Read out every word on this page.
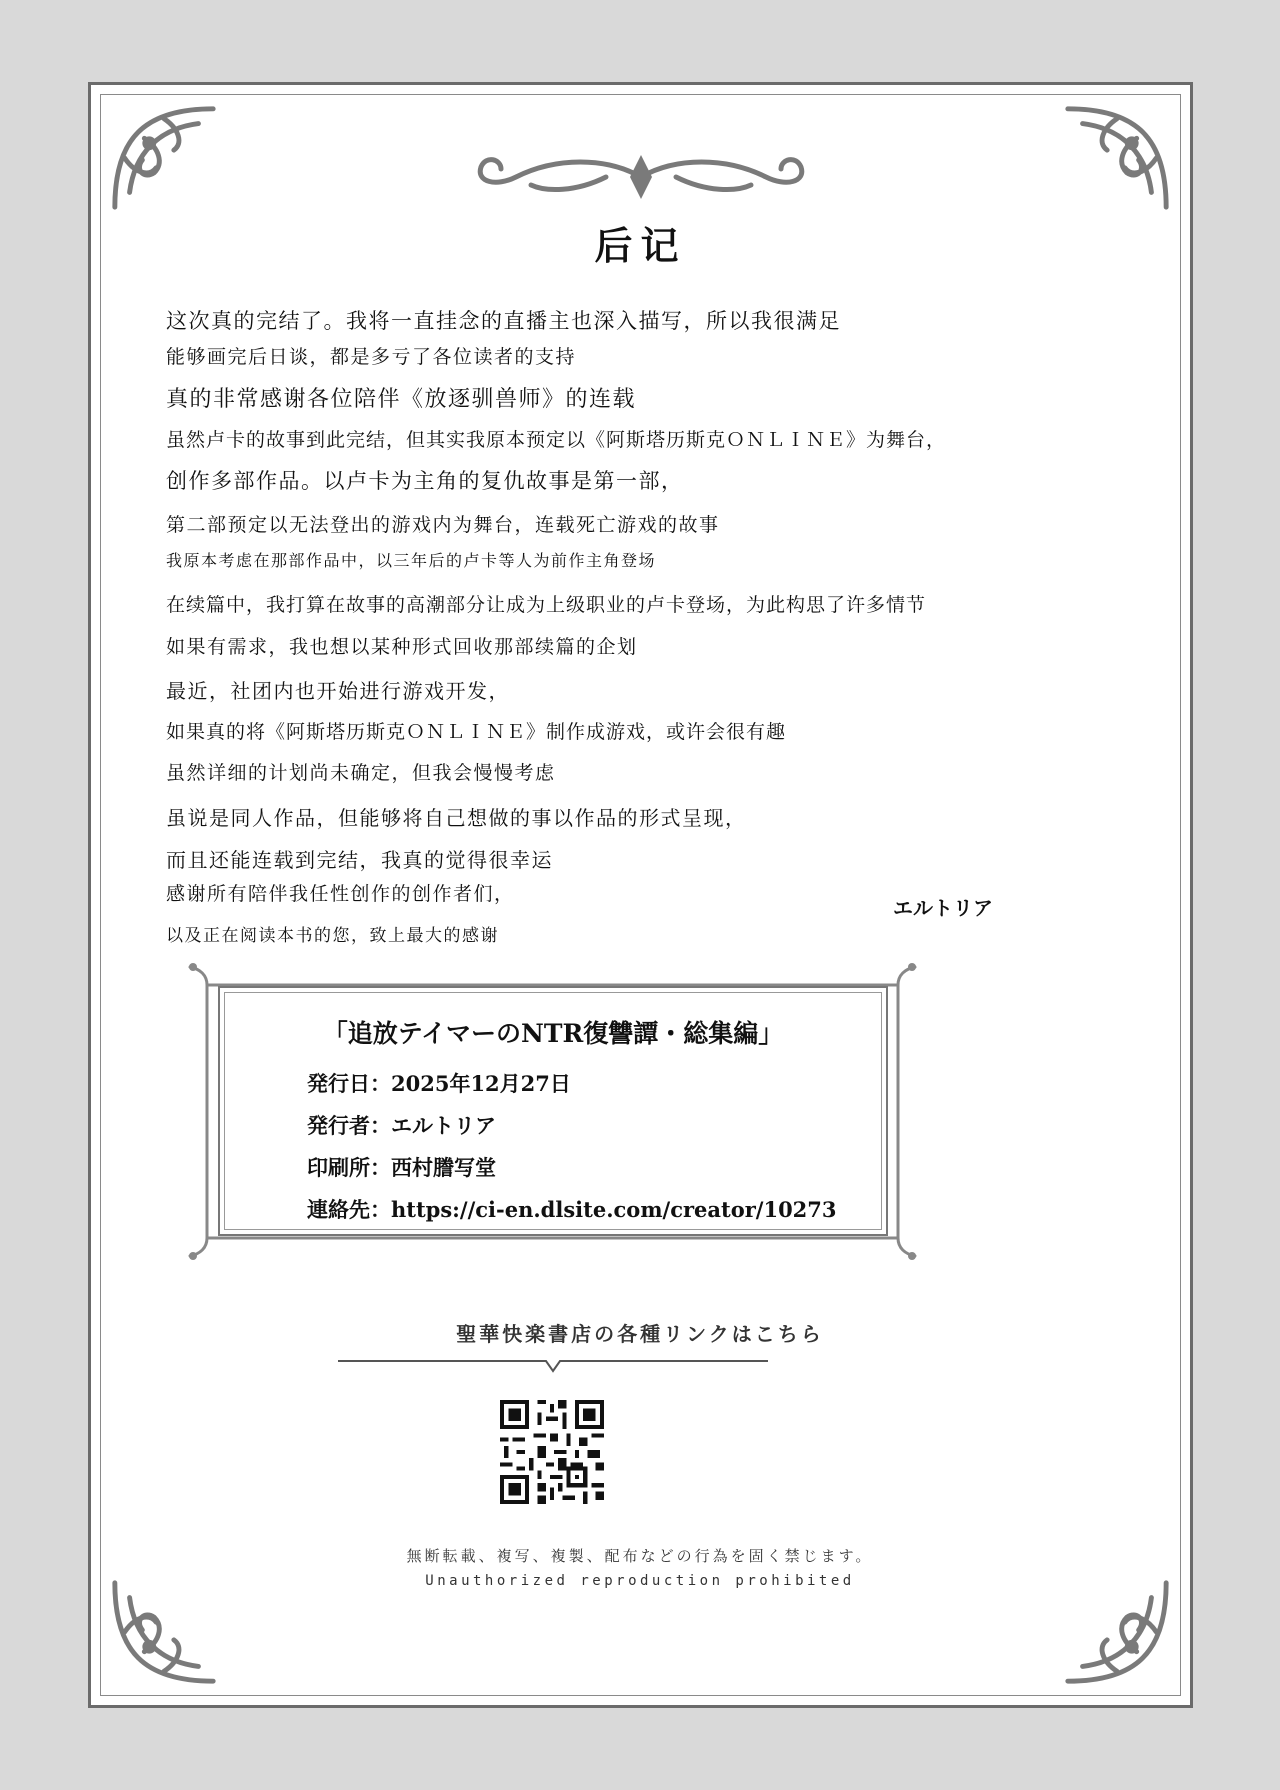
后记
这次真的完结了。我将一直挂念的直播主也深入描写，所以我很满足
能够画完后日谈，都是多亏了各位读者的支持
真的非常感谢各位陪伴《放逐驯兽师》的连载
虽然卢卡的故事到此完结，但其实我原本预定以《阿斯塔历斯克ＯＮＬＩＮＥ》为舞台，
创作多部作品。以卢卡为主角的复仇故事是第一部，
第二部预定以无法登出的游戏内为舞台，连载死亡游戏的故事
我原本考虑在那部作品中，以三年后的卢卡等人为前作主角登场
在续篇中，我打算在故事的高潮部分让成为上级职业的卢卡登场，为此构思了许多情节
如果有需求，我也想以某种形式回收那部续篇的企划
最近，社团内也开始进行游戏开发，
如果真的将《阿斯塔历斯克ＯＮＬＩＮＥ》制作成游戏，或许会很有趣
虽然详细的计划尚未确定，但我会慢慢考虑
虽说是同人作品，但能够将自己想做的事以作品的形式呈现，
而且还能连载到完结，我真的觉得很幸运
感谢所有陪伴我任性创作的创作者们，
以及正在阅读本书的您，致上最大的感谢
エルトリア
「追放テイマーのNTR復讐譚・総集編」
発行日：2025年12月27日
発行者：エルトリア
印刷所：西村謄写堂
連絡先：https://ci-en.dlsite.com/creator/10273
聖華快楽書店の各種リンクはこちら
無断転載、複写、複製、配布などの行為を固く禁じます。
Unauthorized reproduction prohibited
